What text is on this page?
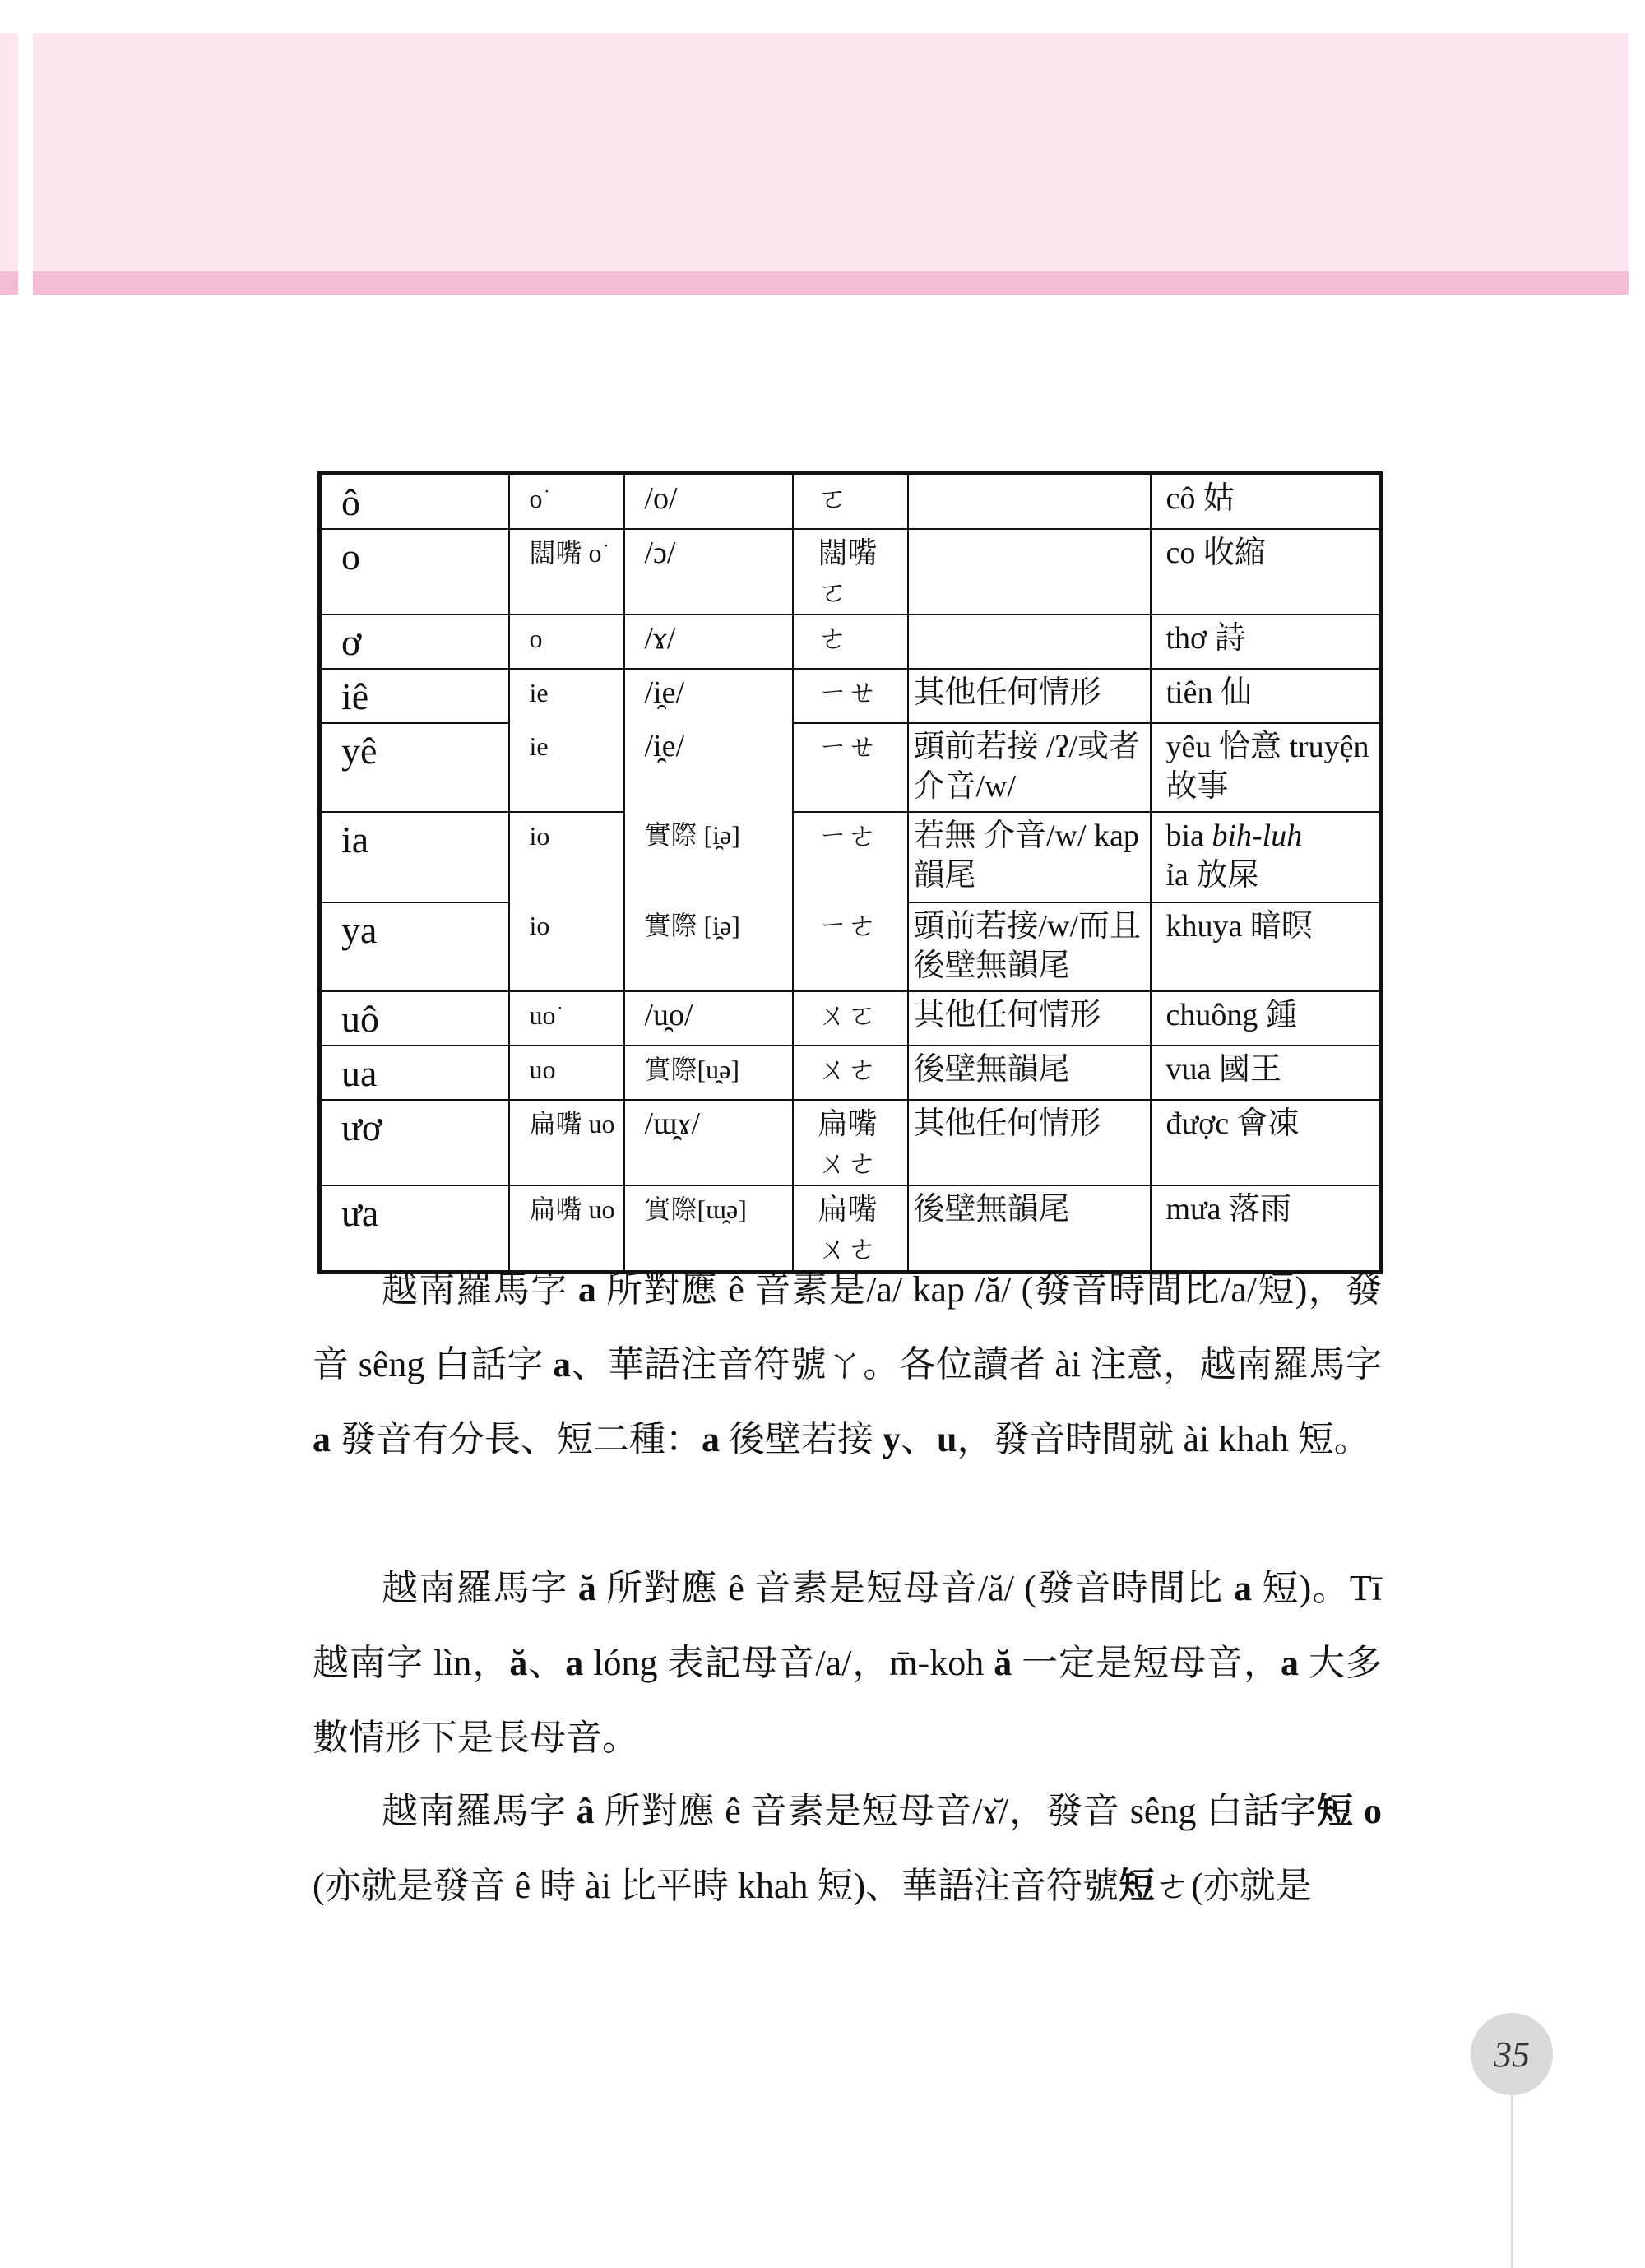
ô	o͘	/o/	ㄛ		cô 姑
o	闊嘴 o͘	/ɔ/	闊嘴ㄛ		co 收縮
ơ	o	/ɤ/	ㄜ		thơ 詩
iê	ie	/i̯e/	ㄧㄝ	其他任何情形	tiên 仙
yê	ie	/i̯e/	ㄧㄝ	頭前若接 /ʔ/或者介音/w/	yêu 恰意 truyện 故事
ia	io	實際 [i̯ə]	ㄧㄜ	若無 介音/w/ kap 韻尾	bia bih-luh
ỉa 放屎
ya	io	實際 [i̯ə]	ㄧㄜ	頭前若接/w/而且後壁無韻尾	khuya 暗暝
uô	uo͘	/u̯o/	ㄨㄛ	其他任何情形	chuông 鍾
ua	uo	實際[u̯ə]	ㄨㄜ	後壁無韻尾	vua 國王
ươ	扁嘴 uo	/ɯ̯ɤ/	扁嘴 ㄨㄜ	其他任何情形	được 會凍
ưa	扁嘴 uo	實際[ɯ̯ə]	扁嘴 ㄨㄜ	後壁無韻尾	mưa 落雨

越南羅馬字 a 所對應 ê 音素是/a/ kap /ă/ (發音時間比/a/短)，發音 sêng 白話字 a、華語注音符號ㄚ。各位讀者 ài 注意，越南羅馬字 a 發音有分長、短二種：a 後壁若接 y、u，發音時間就 ài khah 短。

越南羅馬字 ă 所對應 ê 音素是短母音/ă/ (發音時間比 a 短)。Tī越南字 lìn，ă、a lóng 表記母音/a/，m̄-koh ă 一定是短母音，a 大多數情形下是長母音。

越南羅馬字 â 所對應 ê 音素是短母音/ɤ̆/，發音 sêng 白話字短 o (亦就是發音 ê 時 ài 比平時 khah 短)、華語注音符號短ㄜ(亦就是

35
